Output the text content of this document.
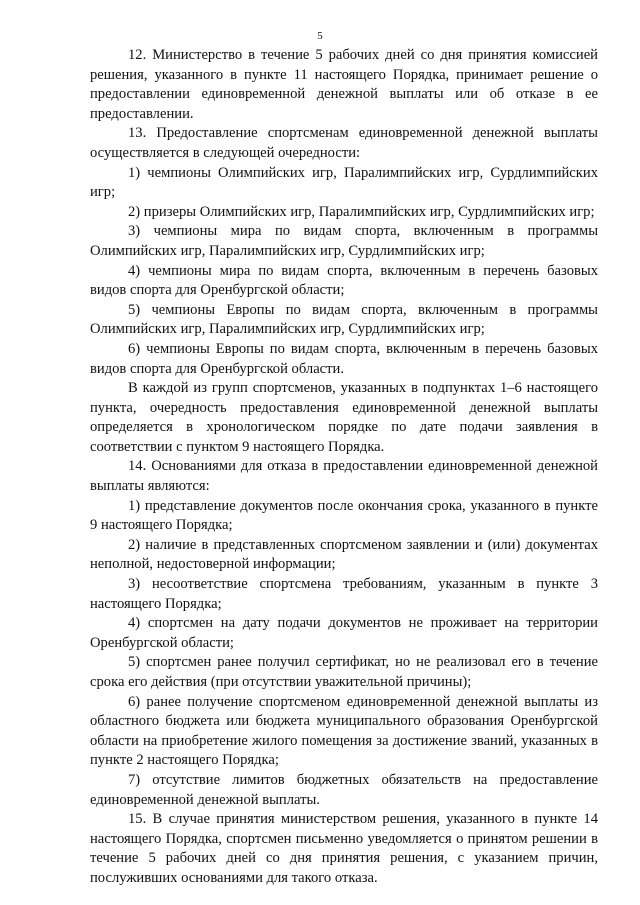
5

12. Министерство в течение 5 рабочих дней со дня принятия комиссией решения, указанного в пункте 11 настоящего Порядка, принимает решение о предоставлении единовременной денежной выплаты или об отказе в ее предоставлении.

13. Предоставление спортсменам единовременной денежной выплаты осуществляется в следующей очередности:

1) чемпионы Олимпийских игр, Паралимпийских игр, Сурдлимпийских игр;

2) призеры Олимпийских игр, Паралимпийских игр, Сурдлимпийских игр;

3) чемпионы мира по видам спорта, включенным в программы Олимпийских игр, Паралимпийских игр, Сурдлимпийских игр;

4) чемпионы мира по видам спорта, включенным в перечень базовых видов спорта для Оренбургской области;

5) чемпионы Европы по видам спорта, включенным в программы Олимпийских игр, Паралимпийских игр, Сурдлимпийских игр;

6) чемпионы Европы по видам спорта, включенным в перечень базовых видов спорта для Оренбургской области.

В каждой из групп спортсменов, указанных в подпунктах 1–6 настоящего пункта, очередность предоставления единовременной денежной выплаты определяется в хронологическом порядке по дате подачи заявления в соответствии с пунктом 9 настоящего Порядка.

14. Основаниями для отказа в предоставлении единовременной денежной выплаты являются:

1) представление документов после окончания срока, указанного в пункте 9 настоящего Порядка;

2) наличие в представленных спортсменом заявлении и (или) документах неполной, недостоверной информации;

3) несоответствие спортсмена требованиям, указанным в пункте 3 настоящего Порядка;

4) спортсмен на дату подачи документов не проживает на территории Оренбургской области;

5) спортсмен ранее получил сертификат, но не реализовал его в течение срока его действия (при отсутствии уважительной причины);

6) ранее получение спортсменом единовременной денежной выплаты из областного бюджета или бюджета муниципального образования Оренбургской области на приобретение жилого помещения за достижение званий, указанных в пункте 2 настоящего Порядка;

7) отсутствие лимитов бюджетных обязательств на предоставление единовременной денежной выплаты.

15. В случае принятия министерством решения, указанного в пункте 14 настоящего Порядка, спортсмен письменно уведомляется о принятом решении в течение 5 рабочих дней со дня принятия решения, с указанием причин, послуживших основаниями для такого отказа.
